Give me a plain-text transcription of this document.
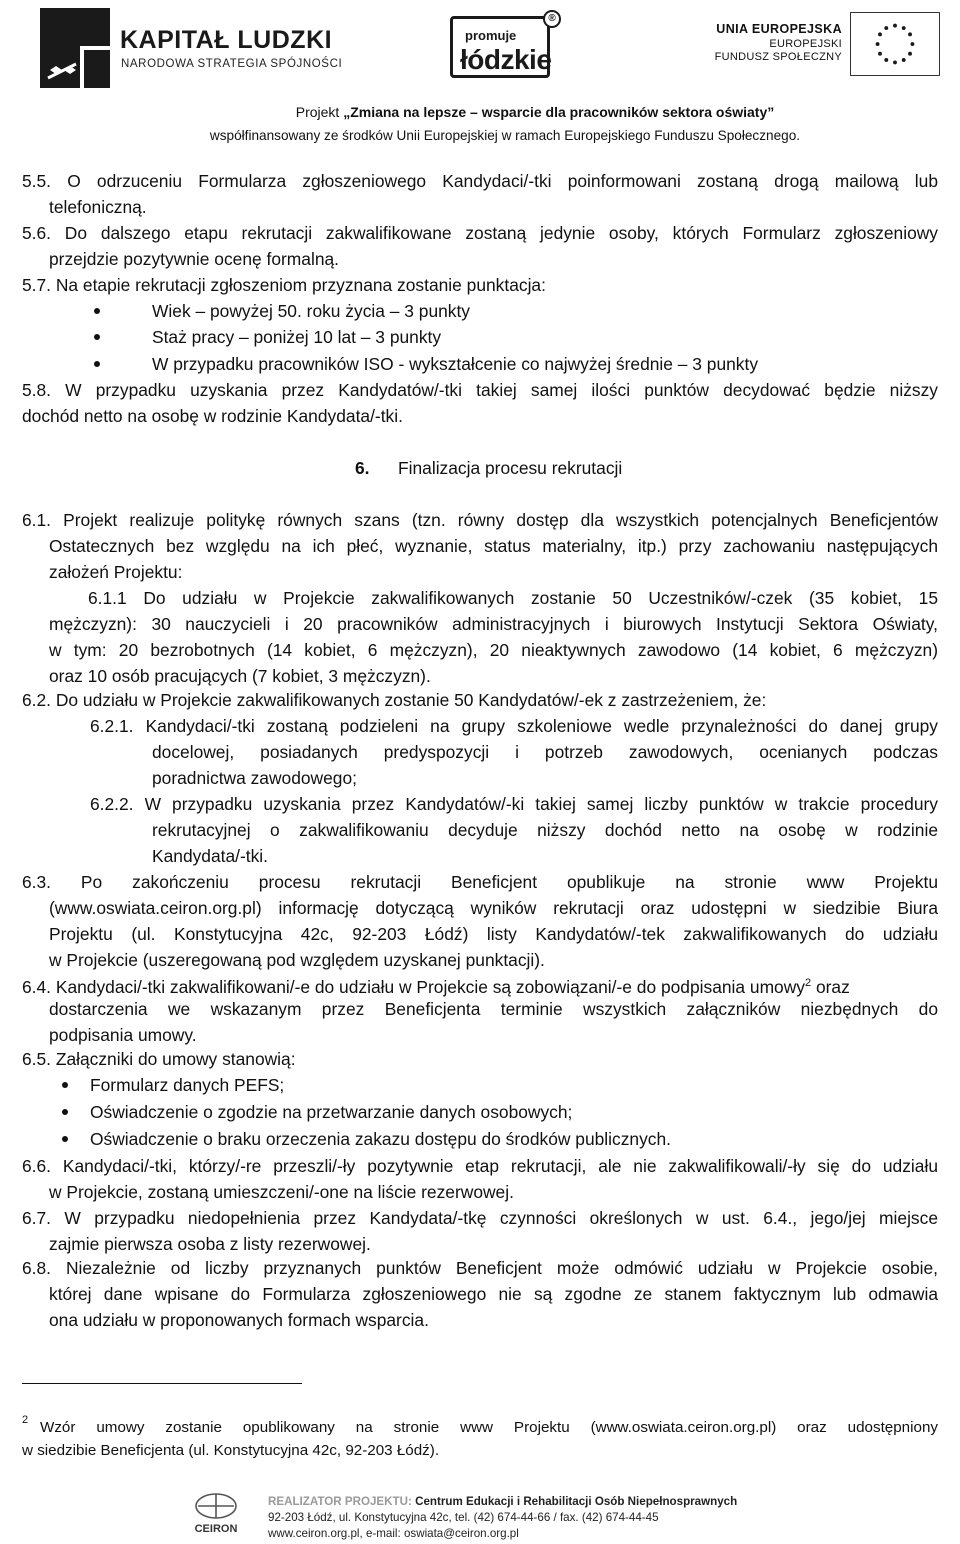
KAPITAŁ LUDZKI
NARODOWA STRATEGIA SPÓJNOŚCI
promuje
łódzkie
®
UNIA EUROPEJSKA
EUROPEJSKI
FUNDUSZ SPOŁECZNY
Projekt „Zmiana na lepsze – wsparcie dla pracowników sektora oświaty”
współfinansowany ze środków Unii Europejskiej w ramach Europejskiego Funduszu Społecznego.
5.5. O odrzuceniu Formularza zgłoszeniowego Kandydaci/-tki poinformowani zostaną drogą mailową lub
telefoniczną.
5.6. Do dalszego etapu rekrutacji zakwalifikowane zostaną jedynie osoby, których Formularz zgłoszeniowy
przejdzie pozytywnie ocenę formalną.
5.7. Na etapie rekrutacji zgłoszeniom przyznana zostanie punktacja:
Wiek – powyżej 50. roku życia – 3 punkty
Staż pracy – poniżej 10 lat – 3 punkty
W przypadku pracowników ISO - wykształcenie co najwyżej średnie – 3 punkty
5.8. W przypadku uzyskania przez Kandydatów/-tki takiej samej ilości punktów decydować będzie niższy
dochód netto na osobę w rodzinie Kandydata/-tki.
6. Finalizacja procesu rekrutacji
6.1. Projekt realizuje politykę równych szans (tzn. równy dostęp dla wszystkich potencjalnych Beneficjentów
Ostatecznych bez względu na ich płeć, wyznanie, status materialny, itp.) przy zachowaniu następujących
założeń Projektu:
6.1.1 Do udziału w Projekcie zakwalifikowanych zostanie 50 Uczestników/-czek (35 kobiet, 15
mężczyzn): 30 nauczycieli i 20 pracowników administracyjnych i biurowych Instytucji Sektora Oświaty,
w tym: 20 bezrobotnych (14 kobiet, 6 mężczyzn), 20 nieaktywnych zawodowo (14 kobiet, 6 mężczyzn)
oraz 10 osób pracujących (7 kobiet, 3 mężczyzn).
6.2. Do udziału w Projekcie zakwalifikowanych zostanie 50 Kandydatów/-ek z zastrzeżeniem, że:
6.2.1. Kandydaci/-tki zostaną podzieleni na grupy szkoleniowe wedle przynależności do danej grupy
docelowej, posiadanych predyspozycji i potrzeb zawodowych, ocenianych podczas
poradnictwa zawodowego;
6.2.2. W przypadku uzyskania przez Kandydatów/-ki takiej samej liczby punktów w trakcie procedury
rekrutacyjnej o zakwalifikowaniu decyduje niższy dochód netto na osobę w rodzinie
Kandydata/-tki.
6.3. Po zakończeniu procesu rekrutacji Beneficjent opublikuje na stronie www Projektu
(www.oswiata.ceiron.org.pl) informację dotyczącą wyników rekrutacji oraz udostępni w siedzibie Biura
Projektu (ul. Konstytucyjna 42c, 92-203 Łódź) listy Kandydatów/-tek zakwalifikowanych do udziału
w Projekcie (uszeregowaną pod względem uzyskanej punktacji).
6.4. Kandydaci/-tki zakwalifikowani/-e do udziału w Projekcie są zobowiązani/-e do podpisania umowy$^2$ oraz
dostarczenia we wskazanym przez Beneficjenta terminie wszystkich załączników niezbędnych do
podpisania umowy.
6.5. Załączniki do umowy stanowią:
Formularz danych PEFS;
Oświadczenie o zgodzie na przetwarzanie danych osobowych;
Oświadczenie o braku orzeczenia zakazu dostępu do środków publicznych.
6.6. Kandydaci/-tki, którzy/-re przeszli/-ły pozytywnie etap rekrutacji, ale nie zakwalifikowali/-ły się do udziału
w Projekcie, zostaną umieszczeni/-one na liście rezerwowej.
6.7. W przypadku niedopełnienia przez Kandydata/-tkę czynności określonych w ust. 6.4., jego/jej miejsce
zajmie pierwsza osoba z listy rezerwowej.
6.8. Niezależnie od liczby przyznanych punktów Beneficjent może odmówić udziału w Projekcie osobie,
której dane wpisane do Formularza zgłoszeniowego nie są zgodne ze stanem faktycznym lub odmawia
ona udziału w proponowanych formach wsparcia.
2 Wzór umowy zostanie opublikowany na stronie www Projektu (www.oswiata.ceiron.org.pl) oraz udostępniony
w siedzibie Beneficjenta (ul. Konstytucyjna 42c, 92-203 Łódź).
CEIRON
REALIZATOR PROJEKTU: Centrum Edukacji i Rehabilitacji Osób Niepełnosprawnych
92-203 Łódź, ul. Konstytucyjna 42c, tel. (42) 674-44-66 / fax. (42) 674-44-45
www.ceiron.org.pl, e-mail: oswiata@ceiron.org.pl
